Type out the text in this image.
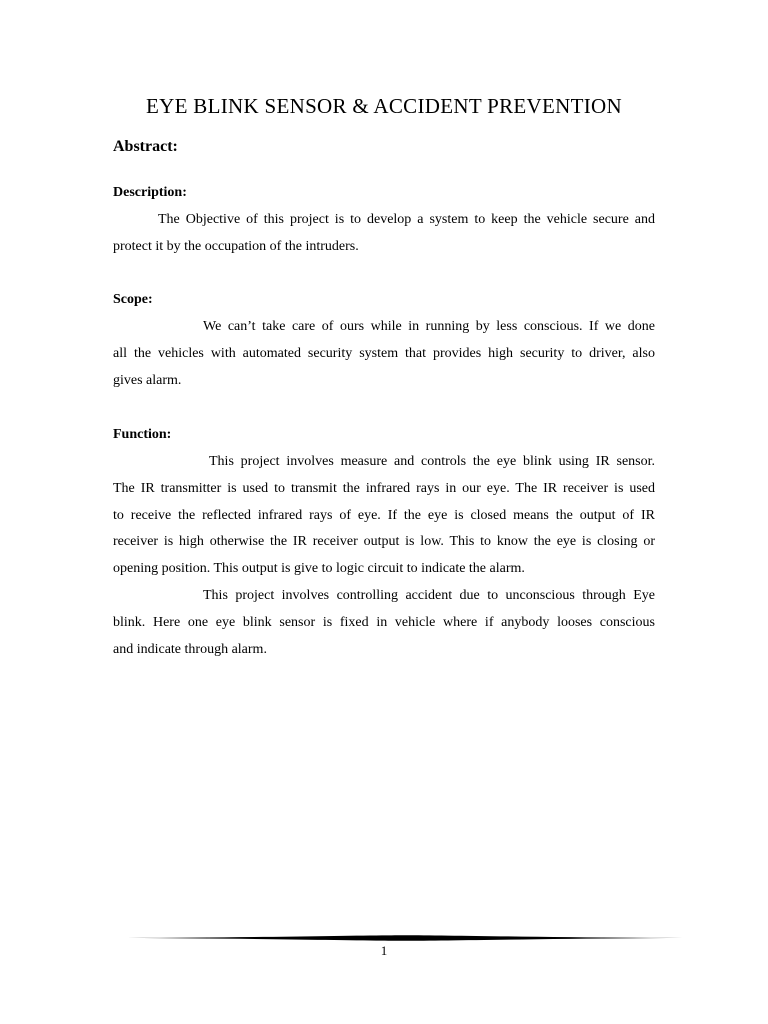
EYE BLINK SENSOR & ACCIDENT PREVENTION
Abstract:
Description:
The Objective of this project is to develop a system to keep the vehicle secure and
protect it by the occupation of the intruders.
Scope:
We can’t take care of ours while in running by less conscious. If we done
all the vehicles with automated security system that provides high security to driver, also
gives alarm.
Function:
This project involves measure and controls the eye blink using IR sensor.
The IR transmitter is used to transmit the infrared rays in our eye. The IR receiver is used
to receive the reflected infrared rays of eye. If the eye is closed means the output of IR
receiver is high otherwise the IR receiver output is low. This to know the eye is closing or
opening position. This output is give to logic circuit to indicate the alarm.
This project involves controlling accident due to unconscious through Eye
blink. Here one eye blink sensor is fixed in vehicle where if anybody looses conscious
and indicate through alarm.
1
